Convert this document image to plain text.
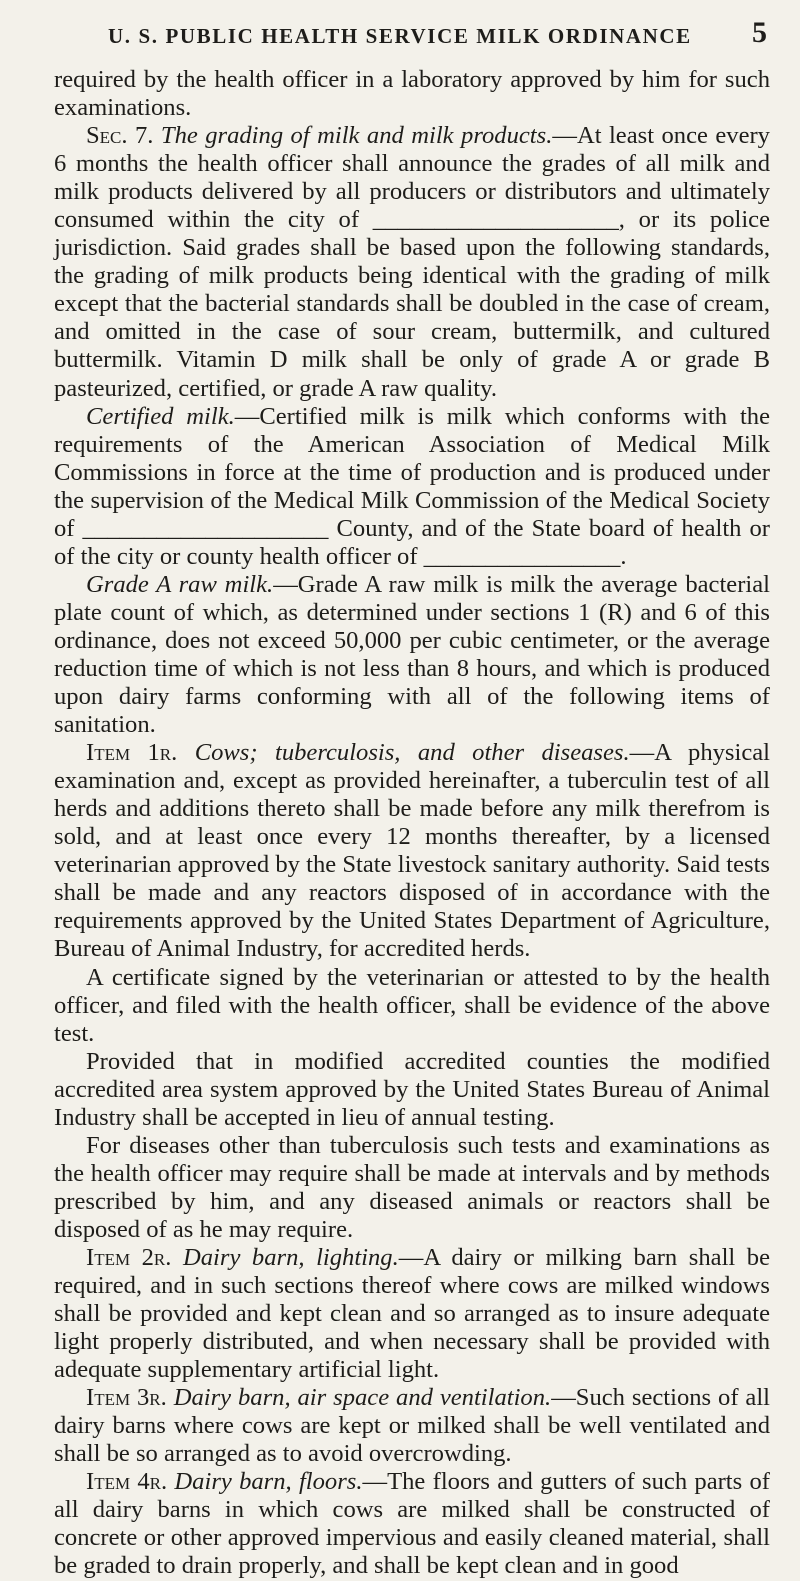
U. S. PUBLIC HEALTH SERVICE MILK ORDINANCE 5

required by the health officer in a laboratory approved by him for such examinations.

Sec. 7. The grading of milk and milk products.—At least once every 6 months the health officer shall announce the grades of all milk and milk products delivered by all producers or distributors and ultimately consumed within the city of ____________________, or its police jurisdiction. Said grades shall be based upon the following standards, the grading of milk products being identical with the grading of milk except that the bacterial standards shall be doubled in the case of cream, and omitted in the case of sour cream, buttermilk, and cultured buttermilk. Vitamin D milk shall be only of grade A or grade B pasteurized, certified, or grade A raw quality.

Certified milk.—Certified milk is milk which conforms with the requirements of the American Association of Medical Milk Commissions in force at the time of production and is produced under the supervision of the Medical Milk Commission of the Medical Society of ____________________ County, and of the State board of health or of the city or county health officer of ________________.

Grade A raw milk.—Grade A raw milk is milk the average bacterial plate count of which, as determined under sections 1 (R) and 6 of this ordinance, does not exceed 50,000 per cubic centimeter, or the average reduction time of which is not less than 8 hours, and which is produced upon dairy farms conforming with all of the following items of sanitation.

Item 1r. Cows; tuberculosis, and other diseases.—A physical examination and, except as provided hereinafter, a tuberculin test of all herds and additions thereto shall be made before any milk therefrom is sold, and at least once every 12 months thereafter, by a licensed veterinarian approved by the State livestock sanitary authority. Said tests shall be made and any reactors disposed of in accordance with the requirements approved by the United States Department of Agriculture, Bureau of Animal Industry, for accredited herds.

A certificate signed by the veterinarian or attested to by the health officer, and filed with the health officer, shall be evidence of the above test.

Provided that in modified accredited counties the modified accredited area system approved by the United States Bureau of Animal Industry shall be accepted in lieu of annual testing.

For diseases other than tuberculosis such tests and examinations as the health officer may require shall be made at intervals and by methods prescribed by him, and any diseased animals or reactors shall be disposed of as he may require.

Item 2r. Dairy barn, lighting.—A dairy or milking barn shall be required, and in such sections thereof where cows are milked windows shall be provided and kept clean and so arranged as to insure adequate light properly distributed, and when necessary shall be provided with adequate supplementary artificial light.

Item 3r. Dairy barn, air space and ventilation.—Such sections of all dairy barns where cows are kept or milked shall be well ventilated and shall be so arranged as to avoid overcrowding.

Item 4r. Dairy barn, floors.—The floors and gutters of such parts of all dairy barns in which cows are milked shall be constructed of concrete or other approved impervious and easily cleaned material, shall be graded to drain properly, and shall be kept clean and in good
